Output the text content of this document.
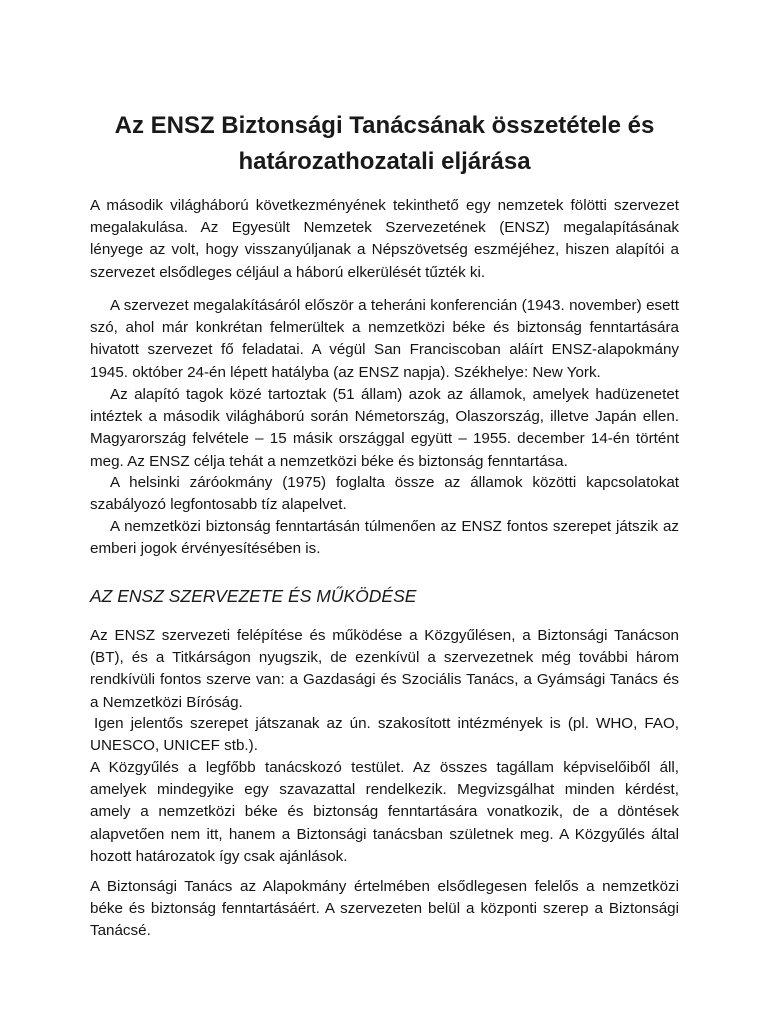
Az ENSZ Biztonsági Tanácsának összetétele és határozathozatali eljárása

A második világháború következményének tekinthető egy nemzetek fölötti szervezet megalakulása. Az Egyesült Nemzetek Szervezetének (ENSZ) megalapításának lényege az volt, hogy visszanyúljanak a Népszövetség eszméjéhez, hiszen alapítói a szervezet elsődleges céljául a háború elkerülését tűzték ki.

A szervezet megalakításáról először a teheráni konferencián (1943. november) esett szó, ahol már konkrétan felmerültek a nemzetközi béke és biztonság fenntartására hivatott szervezet fő feladatai. A végül San Franciscoban aláírt ENSZ-alapokmány 1945. október 24-én lépett hatályba (az ENSZ napja). Székhelye: New York.

Az alapító tagok közé tartoztak (51 állam) azok az államok, amelyek hadüzenetet intéztek a második világháború során Németország, Olaszország, illetve Japán ellen. Magyarország felvétele – 15 másik országgal együtt – 1955. december 14-én történt meg. Az ENSZ célja tehát a nemzetközi béke és biztonság fenntartása.

A helsinki záróokmány (1975) foglalta össze az államok közötti kapcsolatokat szabályozó legfontosabb tíz alapelvet.

A nemzetközi biztonság fenntartásán túlmenően az ENSZ fontos szerepet játszik az emberi jogok érvényesítésében is.

AZ ENSZ SZERVEZETE ÉS MŰKÖDÉSE

Az ENSZ szervezeti felépítése és működése a Közgyűlésen, a Biztonsági Tanácson (BT), és a Titkárságon nyugszik, de ezenkívül a szervezetnek még további három rendkívüli fontos szerve van: a Gazdasági és Szociális Tanács, a Gyámsági Tanács és a Nemzetközi Bíróság.

Igen jelentős szerepet játszanak az ún. szakosított intézmények is (pl. WHO, FAO, UNESCO, UNICEF stb.).

A Közgyűlés a legfőbb tanácskozó testület. Az összes tagállam képviselőiből áll, amelyek mindegyike egy szavazattal rendelkezik. Megvizsgálhat minden kérdést, amely a nemzetközi béke és biztonság fenntartására vonatkozik, de a döntések alapvetően nem itt, hanem a Biztonsági tanácsban születnek meg. A Közgyűlés által hozott határozatok így csak ajánlások.

A Biztonsági Tanács az Alapokmány értelmében elsődlegesen felelős a nemzetközi béke és biztonság fenntartásáért. A szervezeten belül a központi szerep a Biztonsági Tanácsé.
